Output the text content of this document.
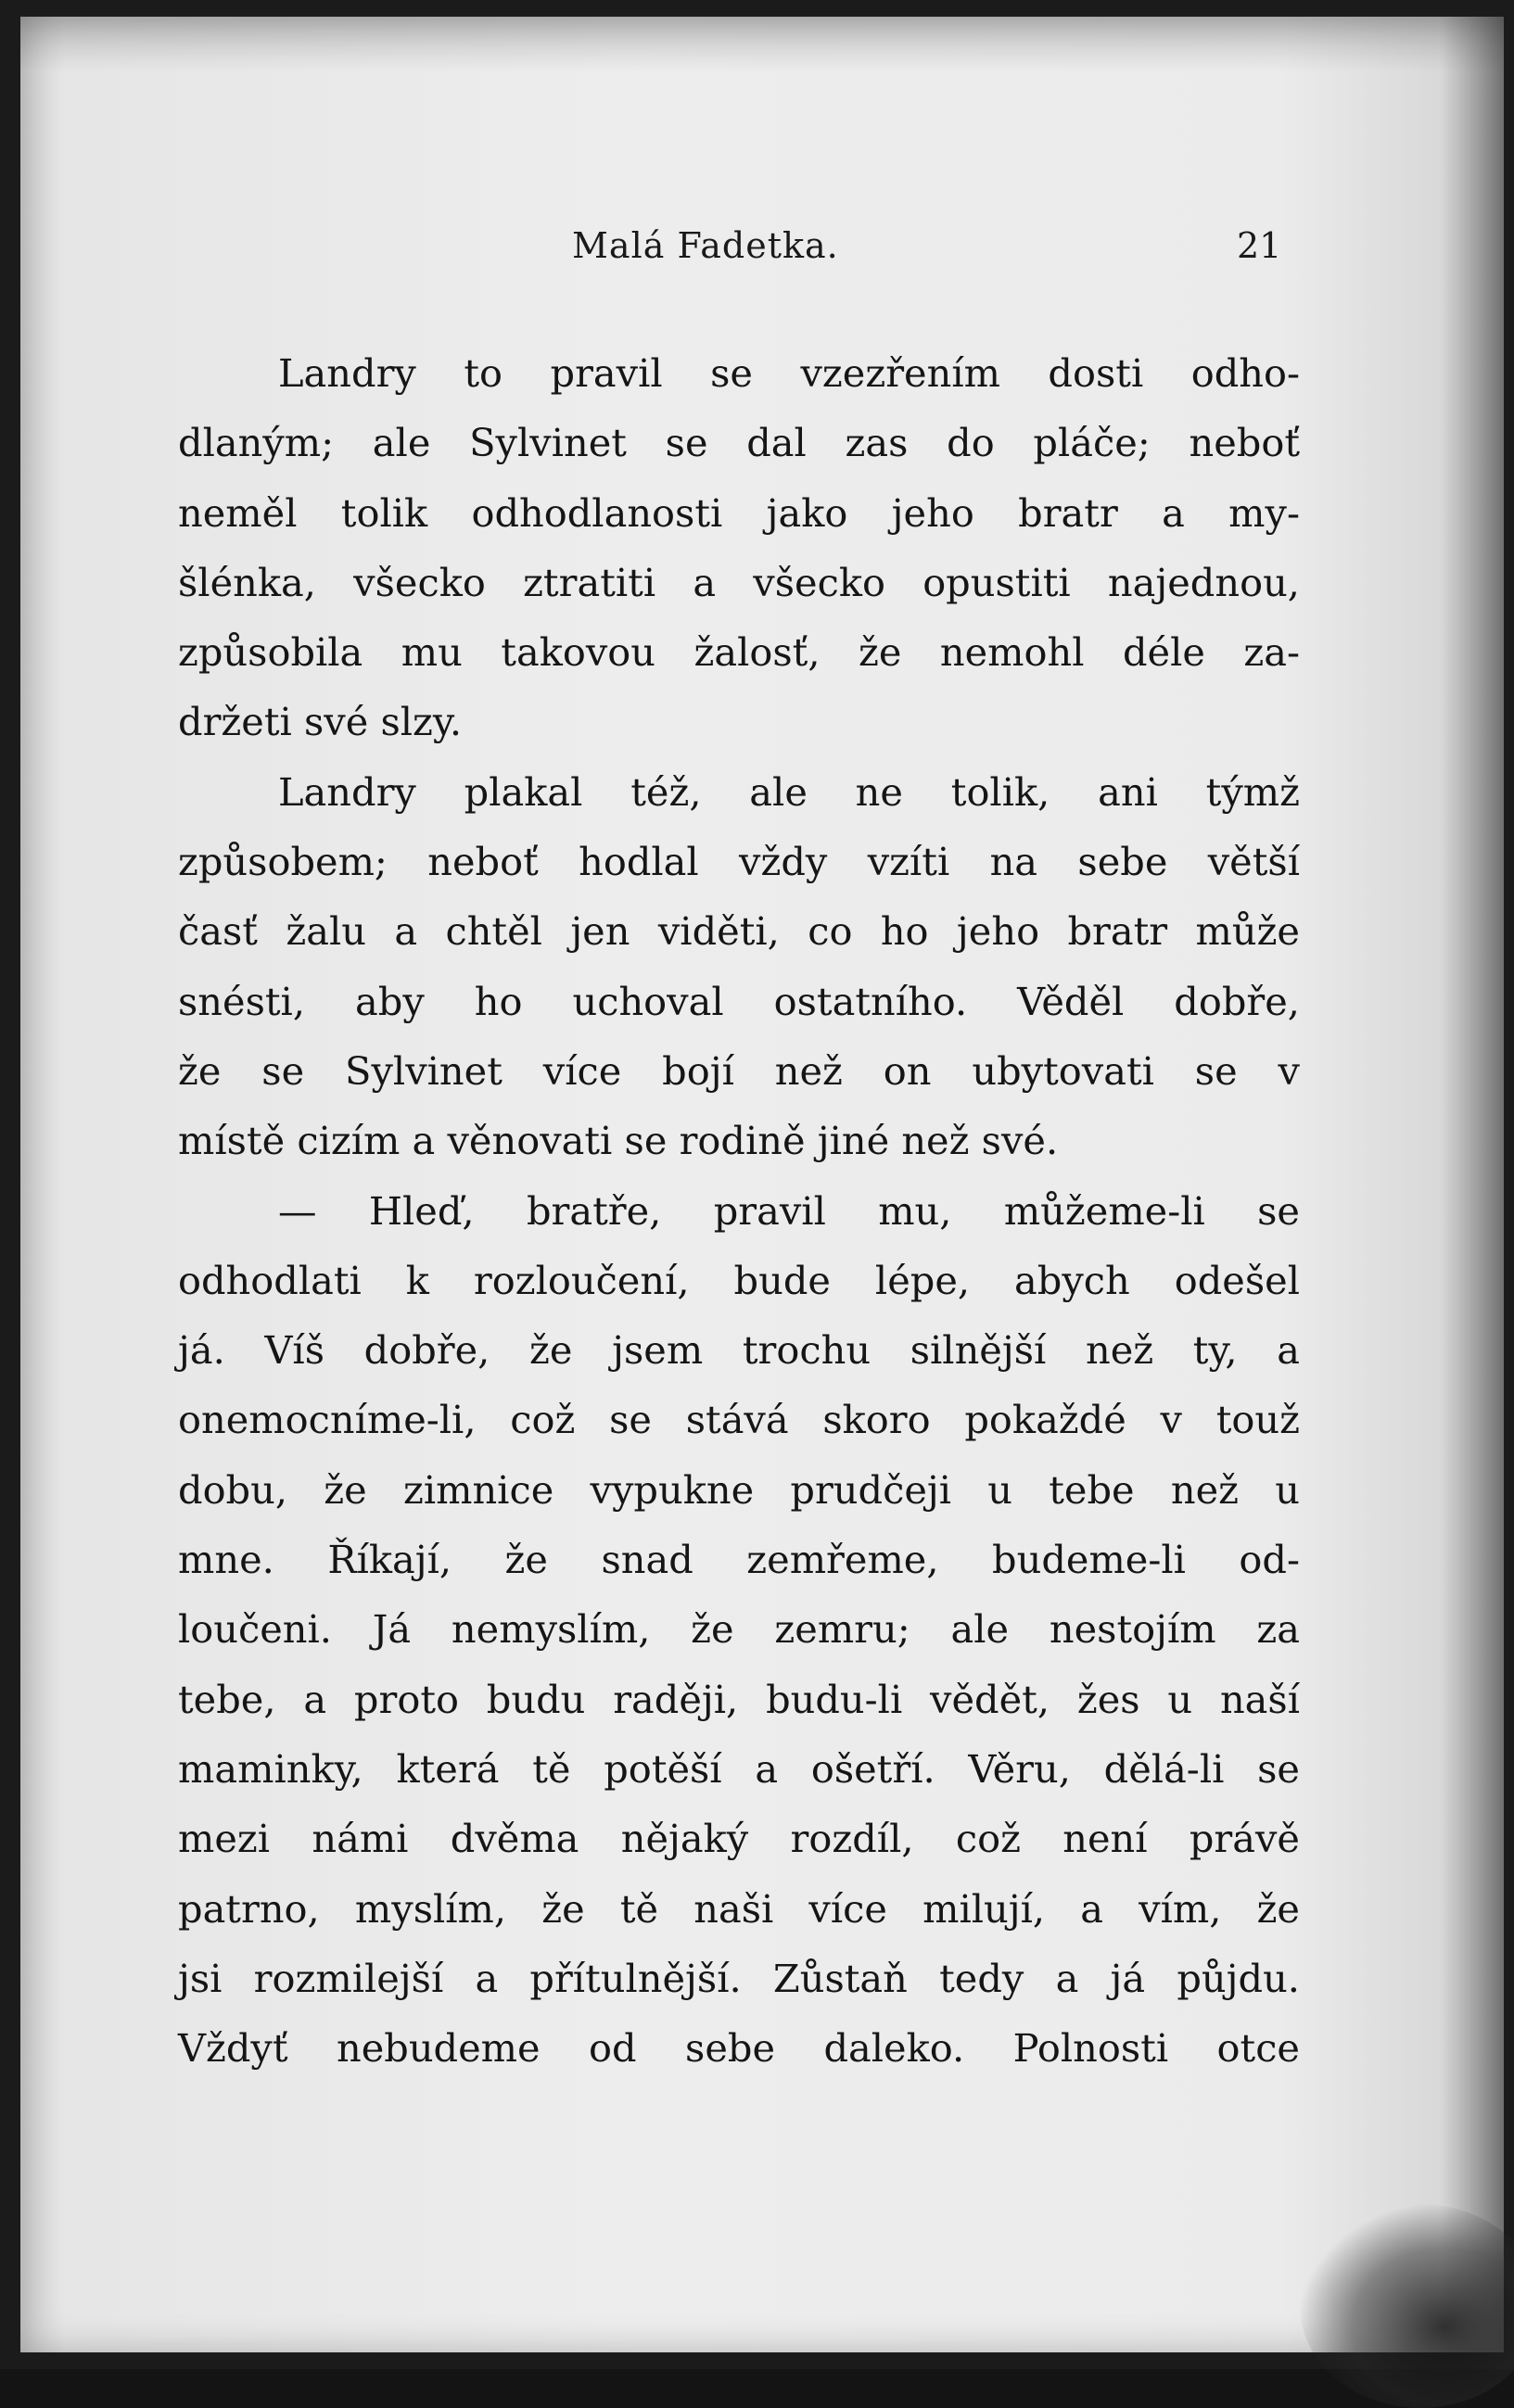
Malá Fadetka.	21
Landry to pravil se vzezřením dosti odho-
dlaným; ale Sylvinet se dal zas do pláče; neboť
neměl tolik odhodlanosti jako jeho bratr a my-
šlénka, všecko ztratiti a všecko opustiti najednou,
způsobila mu takovou žalosť, že nemohl déle za-
držeti své slzy.
Landry plakal též, ale ne tolik, ani týmž
způsobem; neboť hodlal vždy vzíti na sebe větší
časť žalu a chtěl jen viděti, co ho jeho bratr může
snésti, aby ho uchoval ostatního. Věděl dobře,
že se Sylvinet více bojí než on ubytovati se v
místě cizím a věnovati se rodině jiné než své.
— Hleď, bratře, pravil mu, můžeme-li se
odhodlati k rozloučení, bude lépe, abych odešel
já. Víš dobře, že jsem trochu silnější než ty, a
onemocníme-li, což se stává skoro pokaždé v touž
dobu, že zimnice vypukne prudčeji u tebe než u
mne. Říkají, že snad zemřeme, budeme-li od-
loučeni. Já nemyslím, že zemru; ale nestojím za
tebe, a proto budu raději, budu-li vědět, žes u naší
maminky, která tě potěší a ošetří. Věru, dělá-li se
mezi námi dvěma nějaký rozdíl, což není právě
patrno, myslím, že tě naši více milují, a vím, že
jsi rozmilejší a přítulnější. Zůstaň tedy a já půjdu.
Vždyť nebudeme od sebe daleko. Polnosti otce
